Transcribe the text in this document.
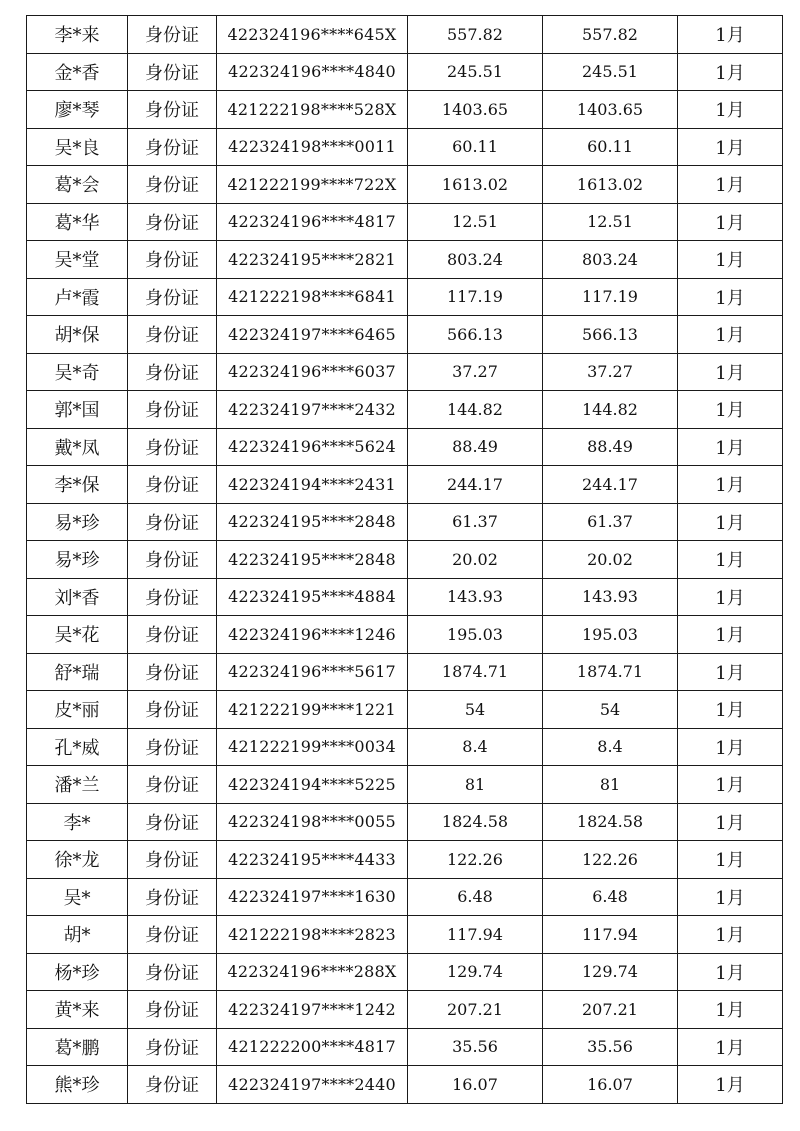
李*来	身份证	422324196****645X	557.82	557.82	1月
金*香	身份证	422324196****4840	245.51	245.51	1月
廖*琴	身份证	421222198****528X	1403.65	1403.65	1月
吴*良	身份证	422324198****0011	60.11	60.11	1月
葛*会	身份证	421222199****722X	1613.02	1613.02	1月
葛*华	身份证	422324196****4817	12.51	12.51	1月
吴*堂	身份证	422324195****2821	803.24	803.24	1月
卢*霞	身份证	421222198****6841	117.19	117.19	1月
胡*保	身份证	422324197****6465	566.13	566.13	1月
吴*奇	身份证	422324196****6037	37.27	37.27	1月
郭*国	身份证	422324197****2432	144.82	144.82	1月
戴*凤	身份证	422324196****5624	88.49	88.49	1月
李*保	身份证	422324194****2431	244.17	244.17	1月
易*珍	身份证	422324195****2848	61.37	61.37	1月
易*珍	身份证	422324195****2848	20.02	20.02	1月
刘*香	身份证	422324195****4884	143.93	143.93	1月
吴*花	身份证	422324196****1246	195.03	195.03	1月
舒*瑞	身份证	422324196****5617	1874.71	1874.71	1月
皮*丽	身份证	421222199****1221	54	54	1月
孔*威	身份证	421222199****0034	8.4	8.4	1月
潘*兰	身份证	422324194****5225	81	81	1月
李*	身份证	422324198****0055	1824.58	1824.58	1月
徐*龙	身份证	422324195****4433	122.26	122.26	1月
吴*	身份证	422324197****1630	6.48	6.48	1月
胡*	身份证	421222198****2823	117.94	117.94	1月
杨*珍	身份证	422324196****288X	129.74	129.74	1月
黄*来	身份证	422324197****1242	207.21	207.21	1月
葛*鹏	身份证	421222200****4817	35.56	35.56	1月
熊*珍	身份证	422324197****2440	16.07	16.07	1月
